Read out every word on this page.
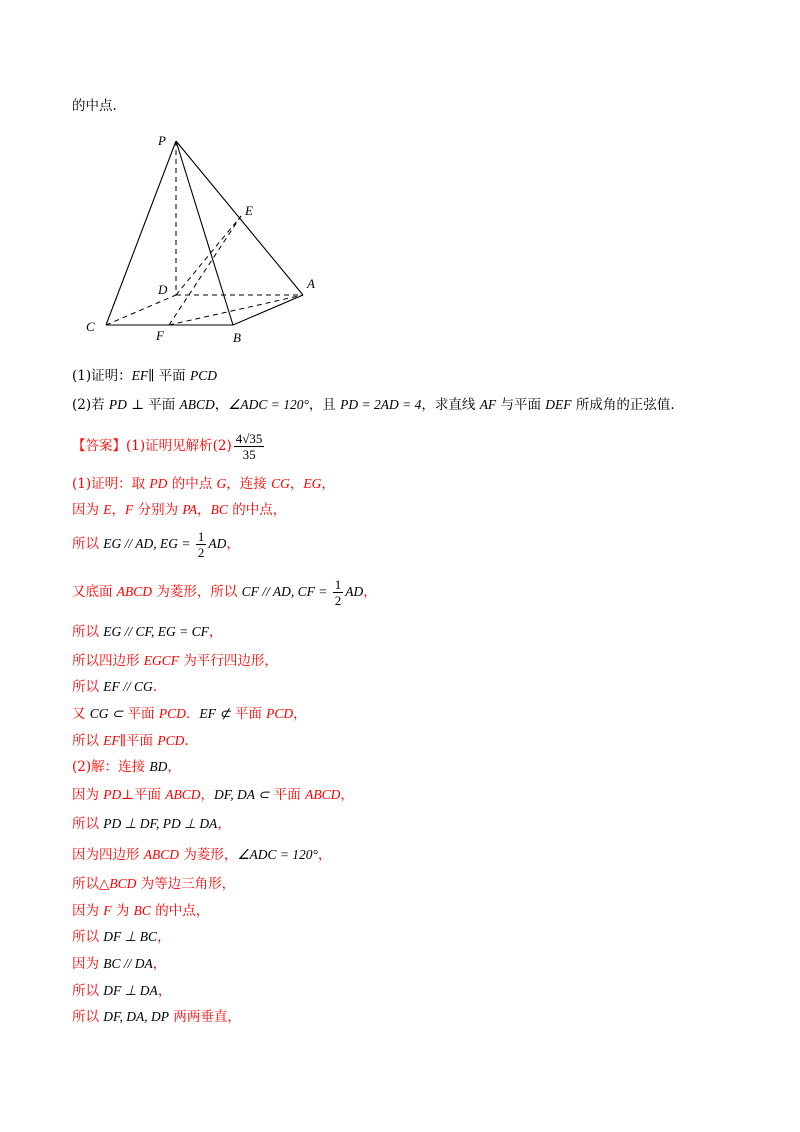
的中点.
P
E
A
D
C
F	B
(1)证明：EF∥ 平面 PCD
(2)若 PD ⊥ 平面 ABCD，∠ADC = 120°，且 PD = 2AD = 4，求直线 AF 与平面 DEF 所成角的正弦值.
【答案】(1)证明见解析$(2) \frac{4√35}{35}$
(1)证明：取 PD 的中点 G，连接 CG，EG，
因为 E，F 分别为 PA，BC 的中点，
所以 EG // AD, EG = $\frac{1}{2}$ AD，
又底面 ABCD 为菱形，所以 CF // AD, CF = $\frac{1}{2}$ AD，
所以 EG // CF, EG = CF，
所以四边形 EGCF 为平行四边形，
所以 EF // CG.
又 CG ⊂ 平面 PCD．EF ⊄ 平面 PCD，
所以 EF∥平面 PCD.
(2)解：连接 BD，
因为 PD⊥平面 ABCD，DF, DA ⊂ 平面 ABCD，
所以 PD ⊥ DF, PD ⊥ DA，
因为四边形 ABCD 为菱形，∠ADC = 120°，
所以△BCD 为等边三角形，
因为 F 为 BC 的中点，
所以 DF ⊥ BC，
因为 BC // DA，
所以 DF ⊥ DA，
所以 DF, DA, DP 两两垂直，
